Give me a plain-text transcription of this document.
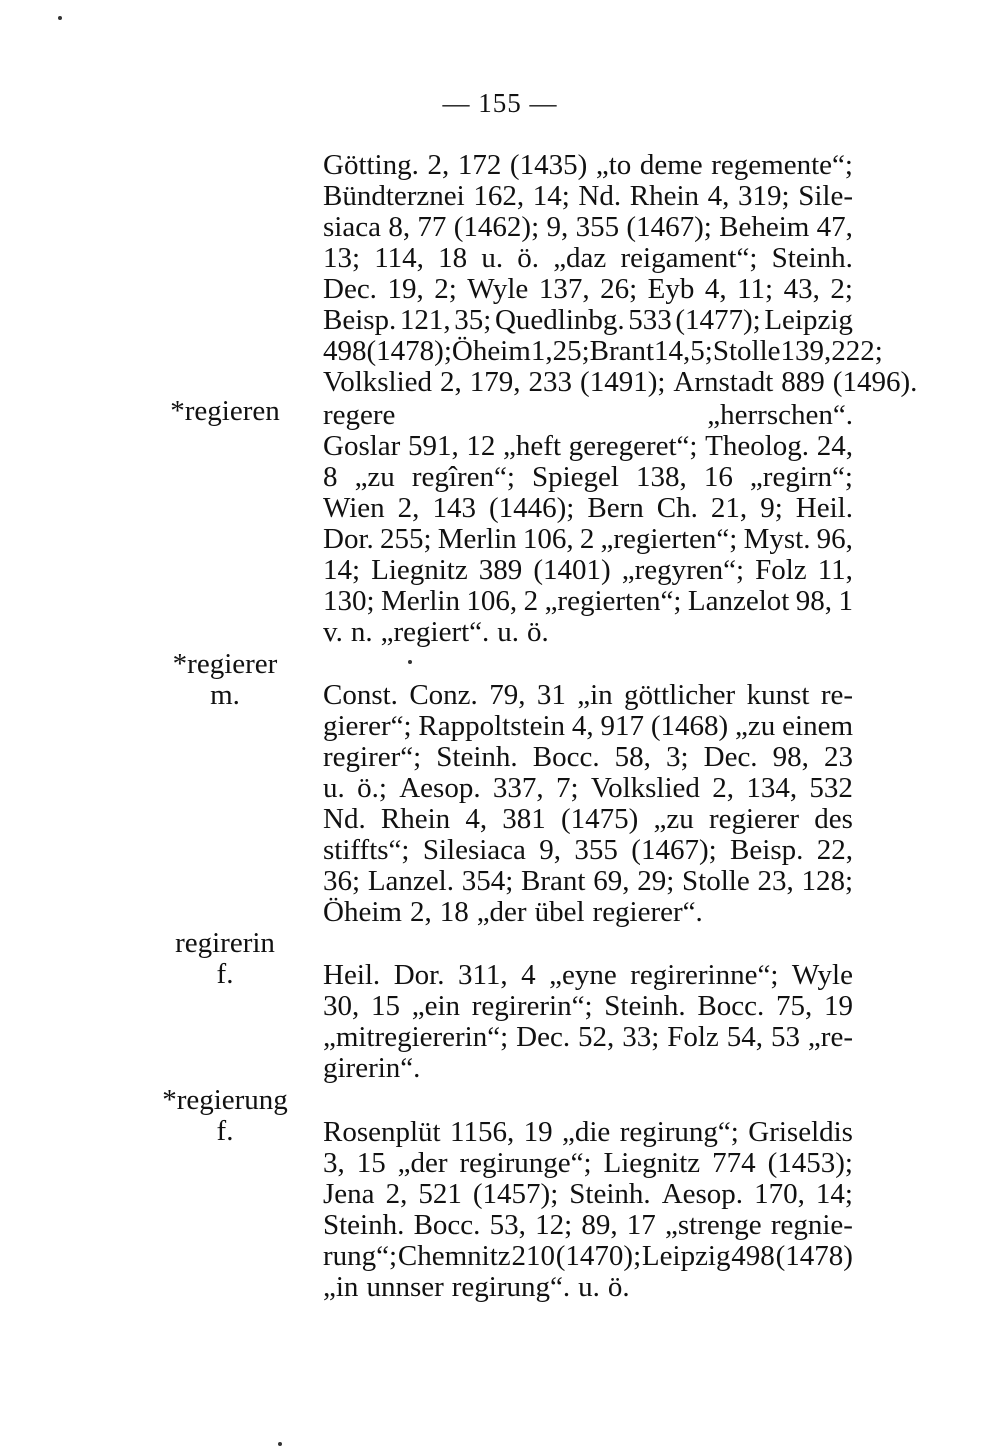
— 155 —
Götting. 2, 172 (1435) „to deme regemente“;
Bündterznei 162, 14; Nd. Rhein 4, 319; Sile-
siaca 8, 77 (1462); 9, 355 (1467); Beheim 47,
13; 114, 18 u. ö. „daz reigament“; Steinh.
Dec. 19, 2; Wyle 137, 26; Eyb 4, 11; 43, 2;
Beisp. 121, 35; Quedlinbg. 533 (1477); Leipzig
498(1478);Öheim 1,25;Brant14,5;Stolle 139,222;
Volkslied 2, 179, 233 (1491); Arnstadt 889 (1496).
*regieren	regere	„herrschen“.
Goslar 591, 12 „heft geregeret“; Theolog. 24,
8 „zu regîren“; Spiegel 138, 16 „regirn“;
Wien 2, 143 (1446); Bern Ch. 21, 9; Heil.
Dor. 255; Merlin 106, 2 „regierten“; Myst. 96,
14; Liegnitz 389 (1401) „regyren“; Folz 11,
130; Merlin 106, 2 „regierten“; Lanzelot 98, 1
v. n. „regiert“. u. ö.
*regierer
m.	Const. Conz. 79, 31 „in göttlicher kunst re-
gierer“; Rappoltstein 4, 917 (1468) „zu einem
regirer“; Steinh. Bocc. 58, 3; Dec. 98, 23
u. ö.; Aesop. 337, 7; Volkslied 2, 134, 532
Nd. Rhein 4, 381 (1475) „zu regierer des
stiffts“; Silesiaca 9, 355 (1467); Beisp. 22,
36; Lanzel. 354; Brant 69, 29; Stolle 23, 128;
Öheim 2, 18 „der übel regierer“.
regirerin
f.	Heil. Dor. 311, 4 „eyne regirerinne“; Wyle
30, 15 „ein regirerin“; Steinh. Bocc. 75, 19
„mitregiererin“; Dec. 52, 33; Folz 54, 53 „re-
girerin“.
*regierung
f.	Rosenplüt 1156, 19 „die regirung“; Griseldis
3, 15 „der regirunge“; Liegnitz 774 (1453);
Jena 2, 521 (1457); Steinh. Aesop. 170, 14;
Steinh. Bocc. 53, 12; 89, 17 „strenge regnie-
rung“; Chemnitz 210 (1470); Leipzig 498 (1478)
„in unnser regirung“. u. ö.
